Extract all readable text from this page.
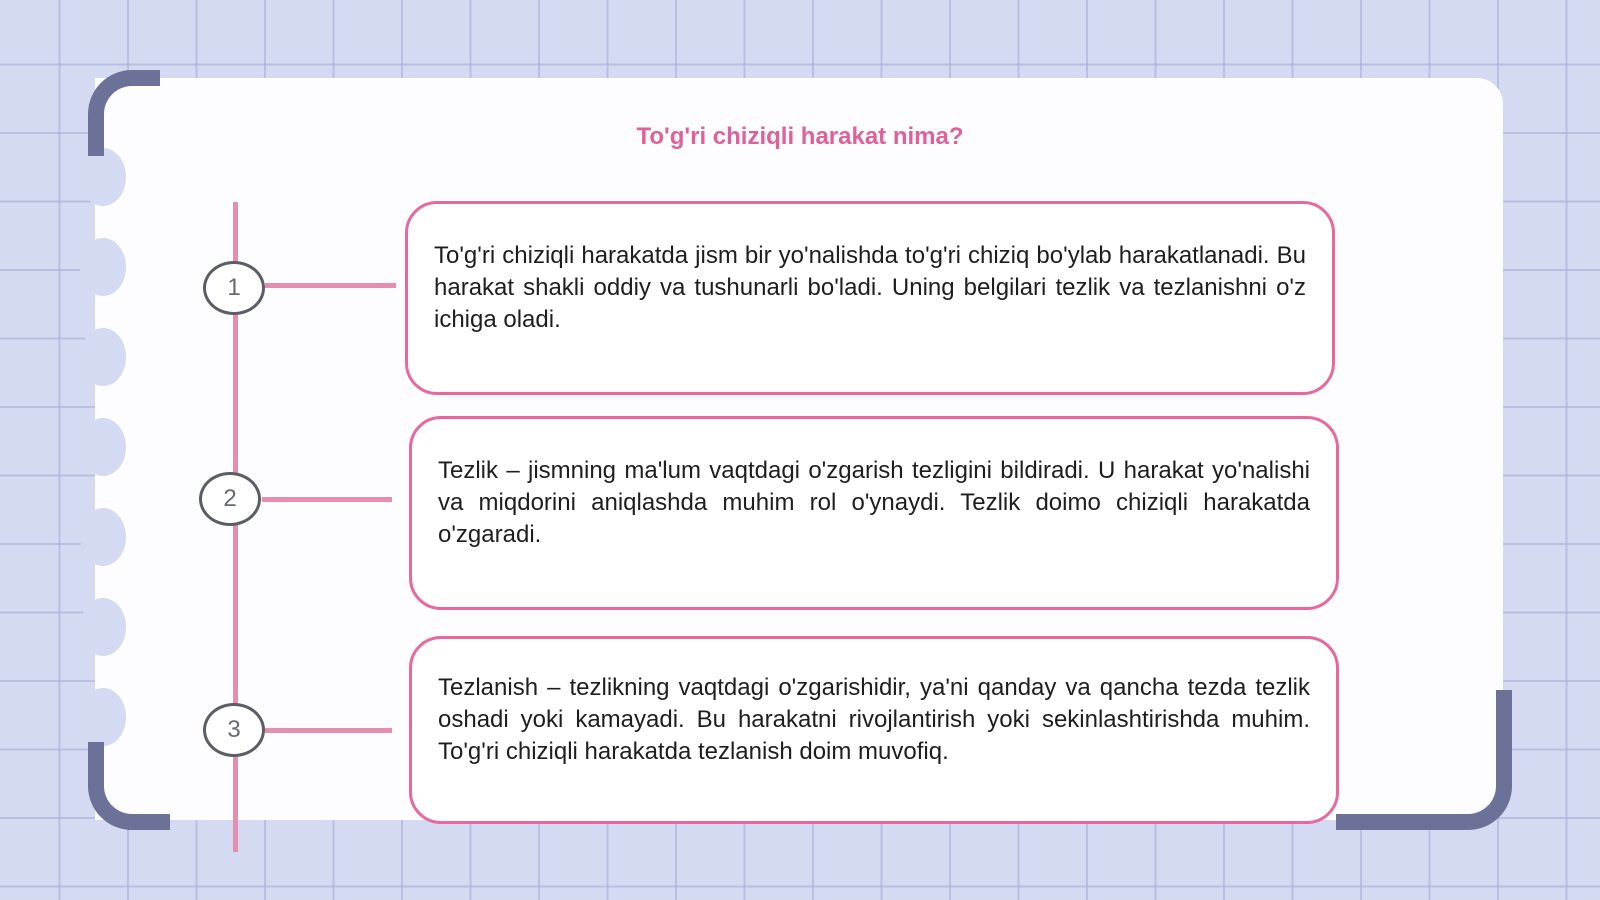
To'g'ri chiziqli harakat nima?
1
2
3
To'g'ri chiziqli harakatda jism bir yo'nalishda to'g'ri chiziq bo'ylab harakatlanadi. Bu harakat shakli oddiy va tushunarli bo'ladi. Uning belgilari tezlik va tezlanishni o'z ichiga oladi.
Tezlik – jismning ma'lum vaqtdagi o'zgarish tezligini bildiradi. U harakat yo'nalishi va miqdorini aniqlashda muhim rol o'ynaydi. Tezlik doimo chiziqli harakatda o'zgaradi.
Tezlanish – tezlikning vaqtdagi o'zgarishidir, ya'ni qanday va qancha tezda tezlik oshadi yoki kamayadi. Bu harakatni rivojlantirish yoki sekinlashtirishda muhim. To'g'ri chiziqli harakatda tezlanish doim muvofiq.
